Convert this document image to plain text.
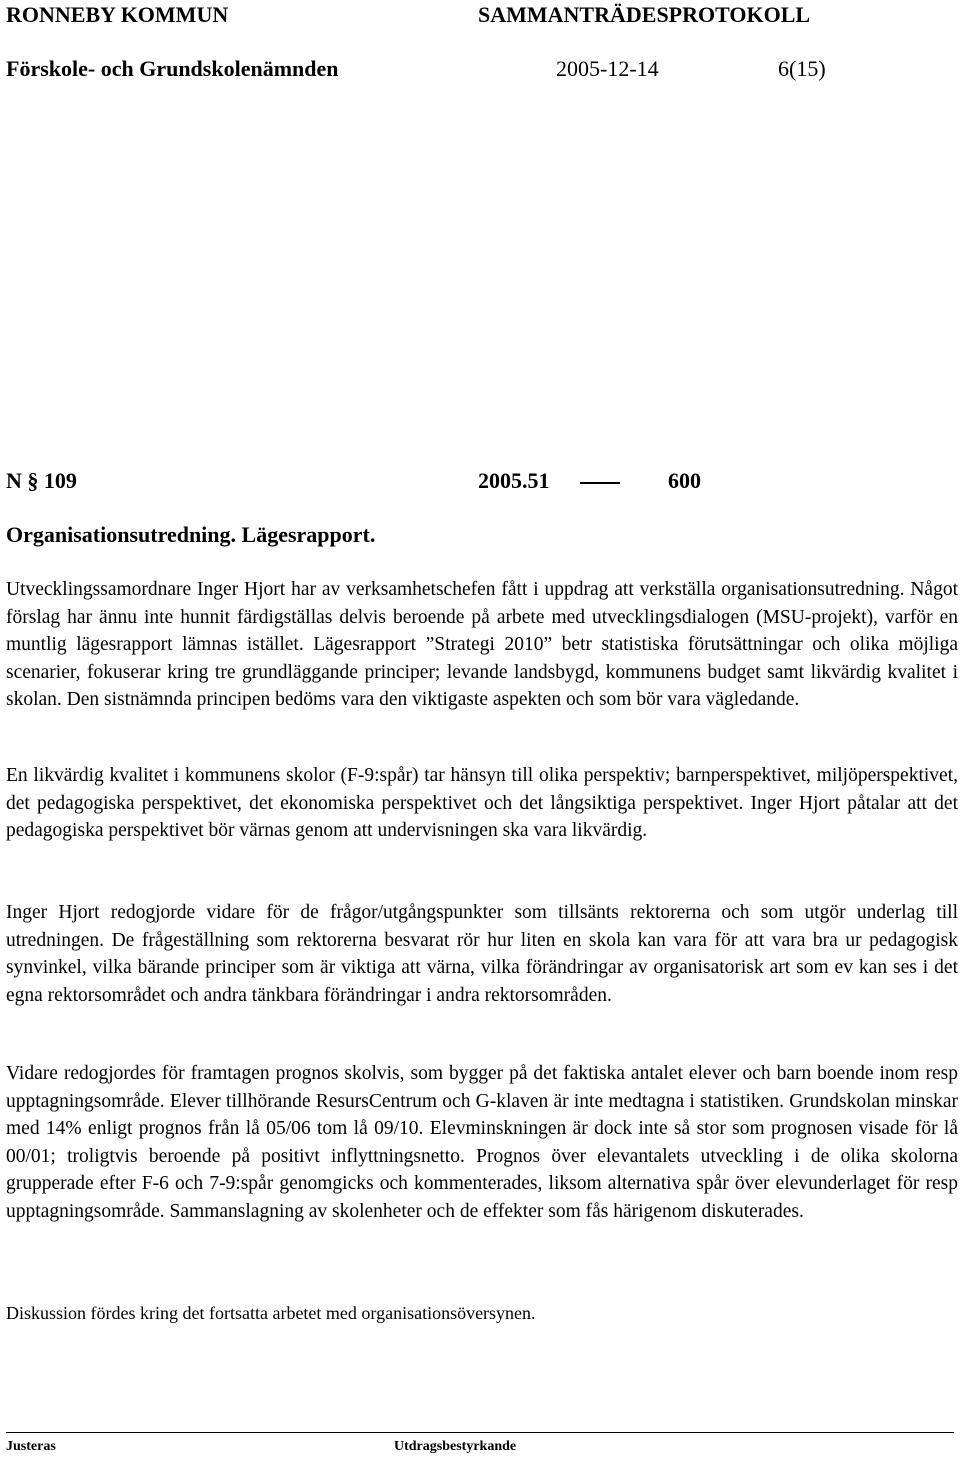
RONNEBY KOMMUN	SAMMANTRÄDESPROTOKOLL
Förskole- och Grundskolenämnden	2005-12-14	6(15)
N § 109	2005.51	600
Organisationsutredning. Lägesrapport.

Utvecklingssamordnare Inger Hjort har av verksamhetschefen fått i uppdrag att verkställa organisationsutredning. Något förslag har ännu inte hunnit färdigställas delvis beroende på arbete med utvecklingsdialogen (MSU-projekt), varför en muntlig lägesrapport lämnas istället. Lägesrapport ”Strategi 2010” betr statistiska förutsättningar och olika möjliga scenarier, fokuserar kring tre grundläggande principer; levande landsbygd, kommunens budget samt likvärdig kvalitet i skolan. Den sistnämnda principen bedöms vara den viktigaste aspekten och som bör vara vägledande.

En likvärdig kvalitet i kommunens skolor (F-9:spår) tar hänsyn till olika perspektiv; barnperspektivet, miljöperspektivet, det pedagogiska perspektivet, det ekonomiska perspektivet och det långsiktiga perspektivet. Inger Hjort påtalar att det pedagogiska perspektivet bör värnas genom att undervisningen ska vara likvärdig.

Inger Hjort redogjorde vidare för de frågor/utgångspunkter som tillsänts rektorerna och som utgör underlag till utredningen. De frågeställning som rektorerna besvarat rör hur liten en skola kan vara för att vara bra ur pedagogisk synvinkel, vilka bärande principer som är viktiga att värna, vilka förändringar av organisatorisk art som ev kan ses i det egna rektorsområdet och andra tänkbara förändringar i andra rektorsområden.

Vidare redogjordes för framtagen prognos skolvis, som bygger på det faktiska antalet elever och barn boende inom resp upptagningsområde. Elever tillhörande ResursCentrum och G-klaven är inte medtagna i statistiken. Grundskolan minskar med 14% enligt prognos från lå 05/06 tom lå 09/10. Elevminskningen är dock inte så stor som prognosen visade för lå 00/01; troligtvis beroende på positivt inflyttningsnetto. Prognos över elevantalets utveckling i de olika skolorna grupperade efter F-6 och 7-9:spår genomgicks och kommenterades, liksom alternativa spår över elevunderlaget för resp upptagningsområde. Sammanslagning av skolenheter och de effekter som fås härigenom diskuterades.

Diskussion fördes kring det fortsatta arbetet med organisationsöversynen.

Justeras	Utdragsbestyrkande
